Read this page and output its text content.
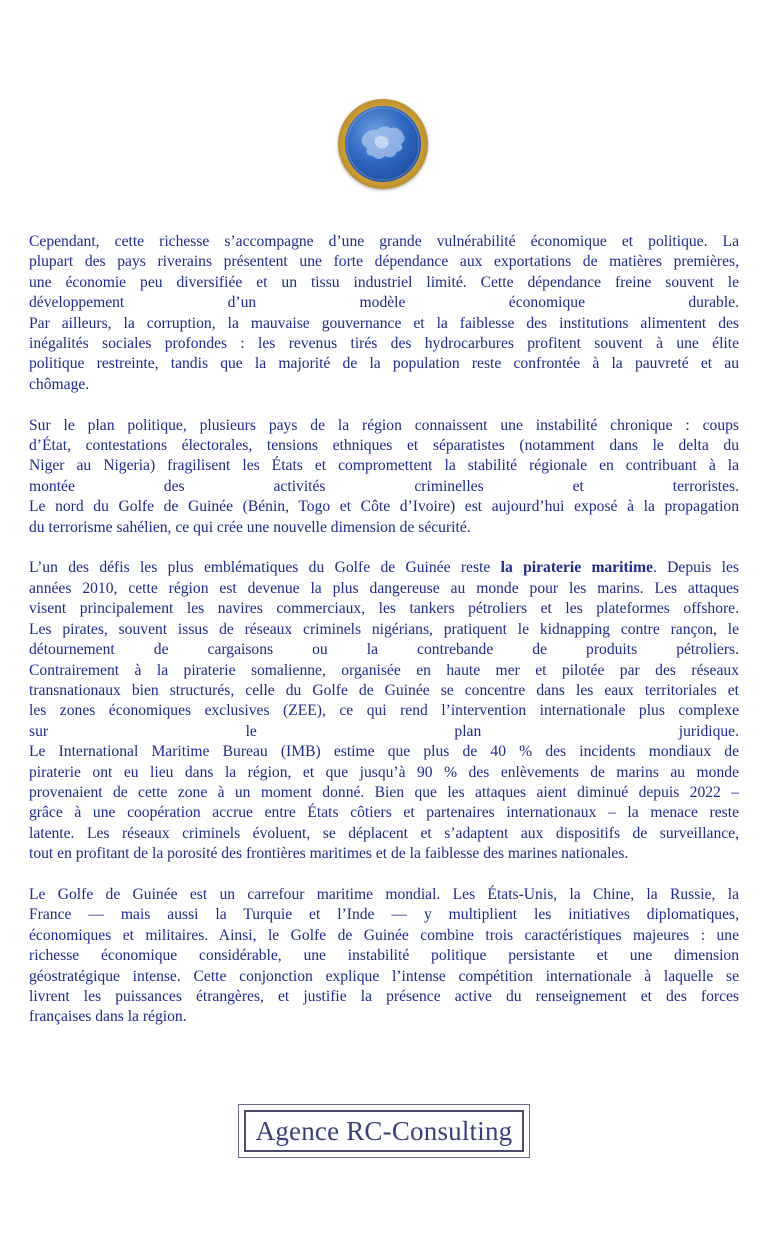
Cependant, cette richesse s’accompagne d’une grande vulnérabilité économique et politique. La
plupart des pays riverains présentent une forte dépendance aux exportations de matières premières,
une économie peu diversifiée et un tissu industriel limité. Cette dépendance freine souvent le
développement d’un modèle économique durable.
Par ailleurs, la corruption, la mauvaise gouvernance et la faiblesse des institutions alimentent des
inégalités sociales profondes : les revenus tirés des hydrocarbures profitent souvent à une élite
politique restreinte, tandis que la majorité de la population reste confrontée à la pauvreté et au
chômage.

Sur le plan politique, plusieurs pays de la région connaissent une instabilité chronique : coups
d’État, contestations électorales, tensions ethniques et séparatistes (notamment dans le delta du
Niger au Nigeria) fragilisent les États et compromettent la stabilité régionale en contribuant à la
montée des activités criminelles et terroristes.
Le nord du Golfe de Guinée (Bénin, Togo et Côte d’Ivoire) est aujourd’hui exposé à la propagation
du terrorisme sahélien, ce qui crée une nouvelle dimension de sécurité.

L’un des défis les plus emblématiques du Golfe de Guinée reste la piraterie maritime. Depuis les
années 2010, cette région est devenue la plus dangereuse au monde pour les marins. Les attaques
visent principalement les navires commerciaux, les tankers pétroliers et les plateformes offshore.
Les pirates, souvent issus de réseaux criminels nigérians, pratiquent le kidnapping contre rançon, le
détournement de cargaisons ou la contrebande de produits pétroliers.
Contrairement à la piraterie somalienne, organisée en haute mer et pilotée par des réseaux
transnationaux bien structurés, celle du Golfe de Guinée se concentre dans les eaux territoriales et
les zones économiques exclusives (ZEE), ce qui rend l’intervention internationale plus complexe
sur le plan juridique.
Le International Maritime Bureau (IMB) estime que plus de 40 % des incidents mondiaux de
piraterie ont eu lieu dans la région, et que jusqu’à 90 % des enlèvements de marins au monde
provenaient de cette zone à un moment donné. Bien que les attaques aient diminué depuis 2022 –
grâce à une coopération accrue entre États côtiers et partenaires internationaux – la menace reste
latente. Les réseaux criminels évoluent, se déplacent et s’adaptent aux dispositifs de surveillance,
tout en profitant de la porosité des frontières maritimes et de la faiblesse des marines nationales.

Le Golfe de Guinée est un carrefour maritime mondial. Les États-Unis, la Chine, la Russie, la
France — mais aussi la Turquie et l’Inde — y multiplient les initiatives diplomatiques,
économiques et militaires. Ainsi, le Golfe de Guinée combine trois caractéristiques majeures : une
richesse économique considérable, une instabilité politique persistante et une dimension
géostratégique intense. Cette conjonction explique l’intense compétition internationale à laquelle se
livrent les puissances étrangères, et justifie la présence active du renseignement et des forces
françaises dans la région.

Agence RC-Consulting
